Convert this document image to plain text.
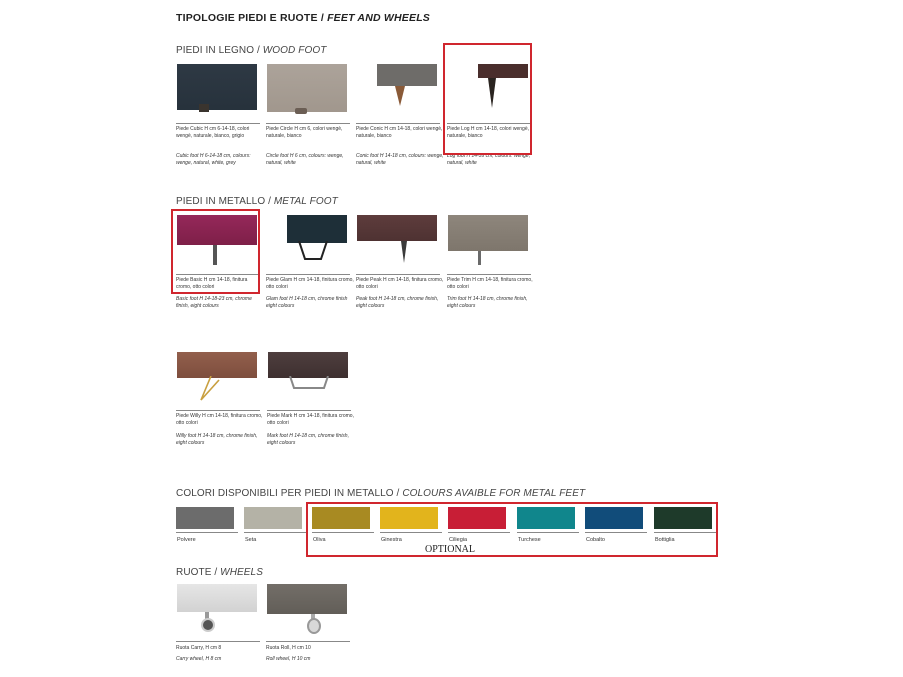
TIPOLOGIE PIEDI E RUOTE / FEET AND WHEELS
PIEDI IN LEGNO / WOOD FOOT
Piede Cubic H cm 6-14-18, colori wengè, naturale, bianco, grigio
Cubic foot H 6-14-18 cm, colours: wenge, natural, white, grey
Piede Circle H cm 6, colori wengè, naturale, bianco
Circle foot H 6 cm, colours: wenge, natural, white
Piede Conic H cm 14-18, colori wengè, naturale, bianco
Conic foot H 14-18 cm, colours: wenge, natural, white
Piede Log H cm 14-18, colori wengè, naturale, bianco
Log foot H 14-18 cm, colours: wenge, natural, white
PIEDI IN METALLO / METAL FOOT
Piede Basic H cm 14-18, finitura cromo, otto colori
Basic foot H 14-18-23 cm, chrome finish, eight colours
Piede Glam H cm 14-18, finitura cromo, otto colori
Glam foot H 14-18 cm, chrome finish eight colours
Piede Peak H cm 14-18, finitura cromo, otto colori
Peak foot H 14-18 cm, chrome finish, eight colours
Piede Trim H cm 14-18, finitura cromo, otto colori
Trim foot H 14-18 cm, chrome finish, eight colours
Piede Willy H cm 14-18, finitura cromo, otto colori
Willy foot H 14-18 cm, chrome finish, eight colours
Piede Mark H cm 14-18, finitura cromo, otto colori
Mark foot H 14-18 cm, chrome finish, eight colours
COLORI DISPONIBILI PER PIEDI IN METALLO / COLOURS AVAIBLE FOR METAL FEET
Polvere	Seta	Oliva	Ginestra	Ciliegia	Turchese	Cobalto	Bottiglia
OPTIONAL
RUOTE / WHEELS
Ruota Carry, H cm 8
Carry wheel, H 8 cm
Ruota Roll, H cm 10
Roll wheel, H 10 cm
